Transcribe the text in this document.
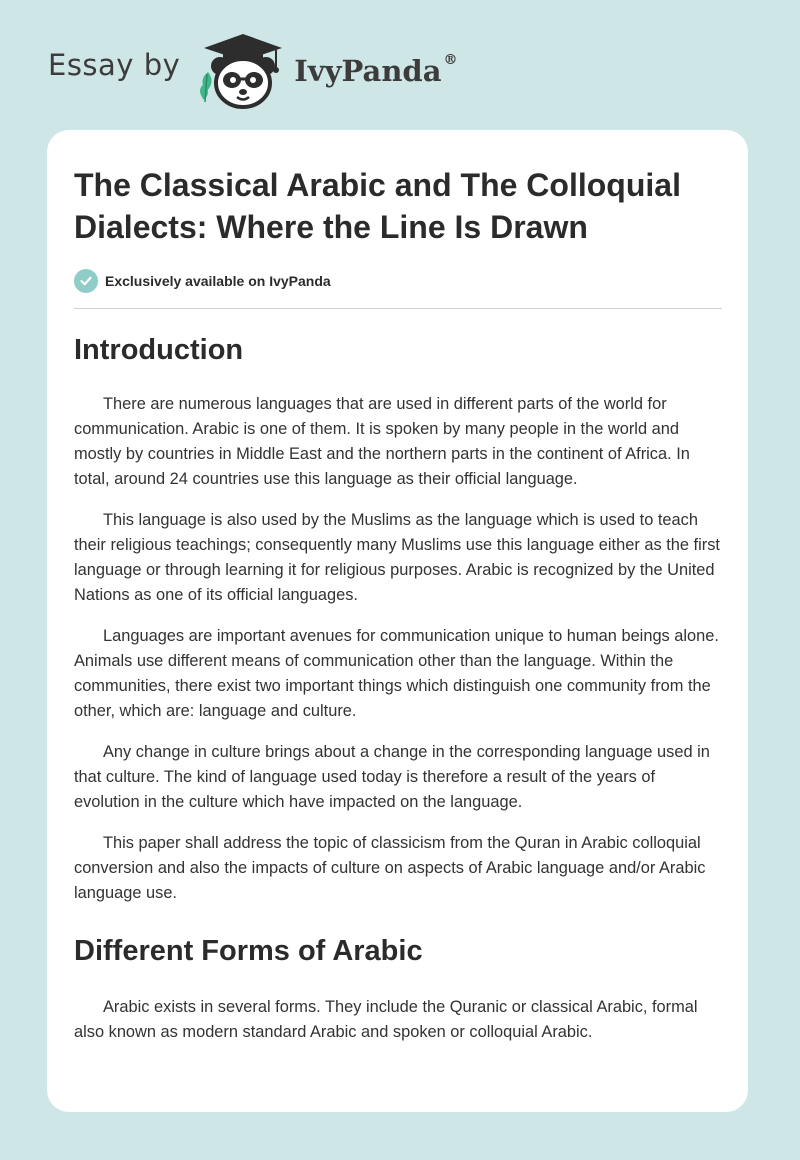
Essay by	IvyPanda ®
The Classical Arabic and The Colloquial Dialects: Where the Line Is Drawn
Exclusively available on IvyPanda
Introduction

There are numerous languages that are used in different parts of the world for communication. Arabic is one of them. It is spoken by many people in the world and mostly by countries in Middle East and the northern parts in the continent of Africa. In total, around 24 countries use this language as their official language.

This language is also used by the Muslims as the language which is used to teach their religious teachings; consequently many Muslims use this language either as the first language or through learning it for religious purposes. Arabic is recognized by the United Nations as one of its official languages.

Languages are important avenues for communication unique to human beings alone. Animals use different means of communication other than the language. Within the communities, there exist two important things which distinguish one community from the other, which are: language and culture.

Any change in culture brings about a change in the corresponding language used in that culture. The kind of language used today is therefore a result of the years of evolution in the culture which have impacted on the language.

This paper shall address the topic of classicism from the Quran in Arabic colloquial conversion and also the impacts of culture on aspects of Arabic language and/or Arabic language use.

Different Forms of Arabic

Arabic exists in several forms. They include the Quranic or classical Arabic, formal also known as modern standard Arabic and spoken or colloquial Arabic.
